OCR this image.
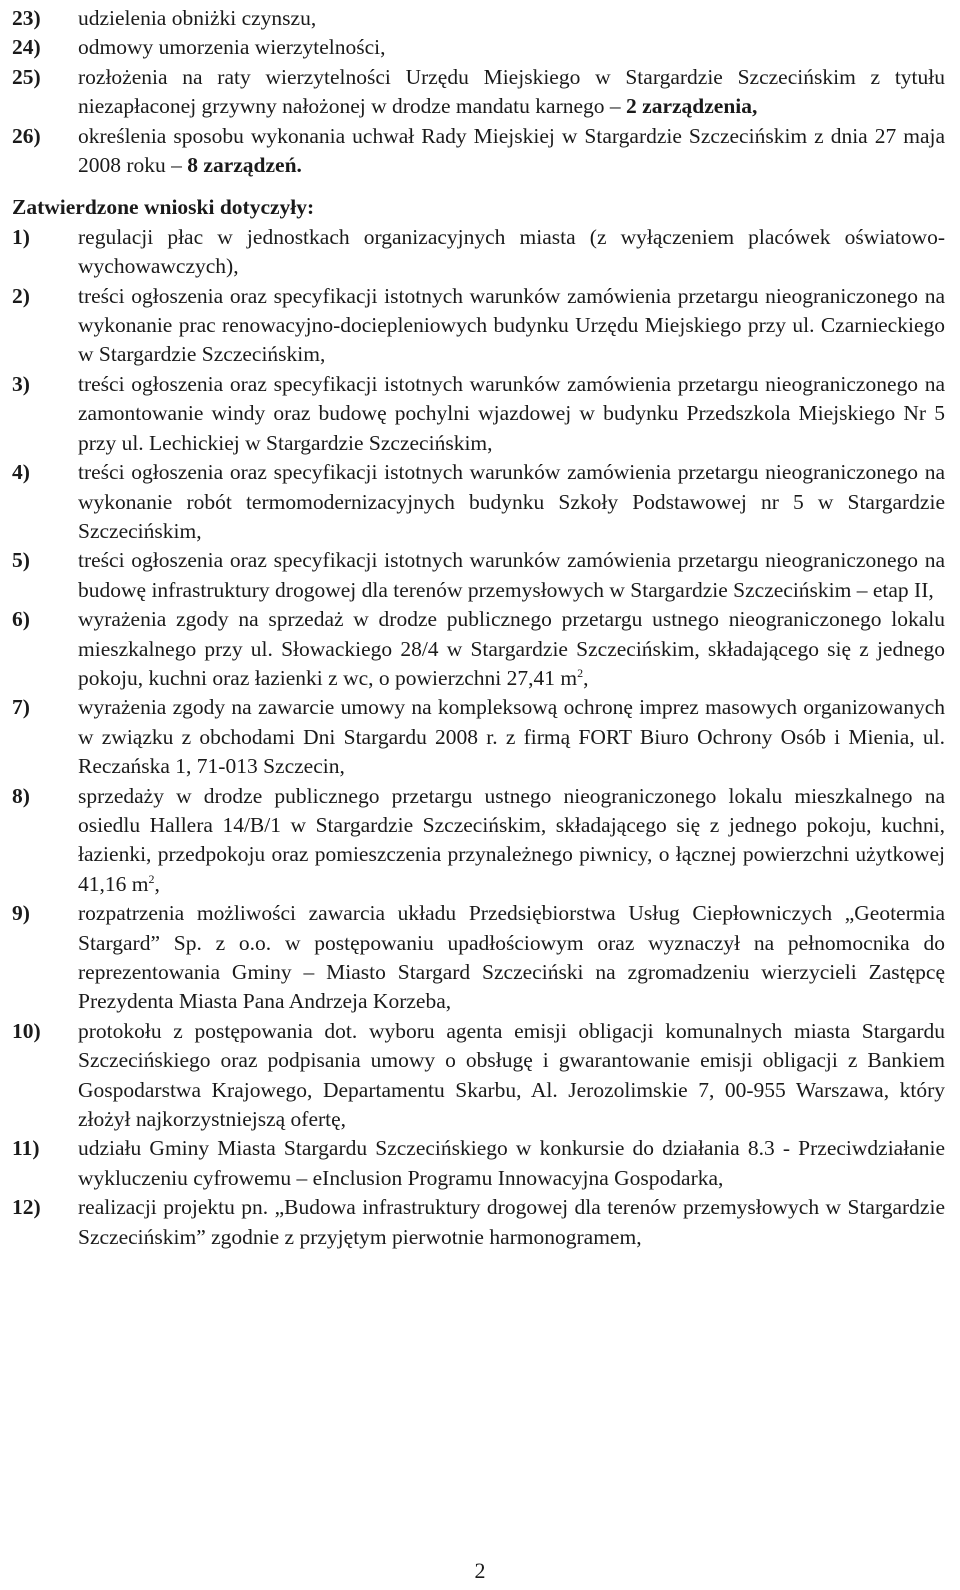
23)	udzielenia obniżki czynszu,
24)	odmowy umorzenia wierzytelności,
25)	rozłożenia na raty wierzytelności Urzędu Miejskiego w Stargardzie Szczecińskim z tytułu niezapłaconej grzywny nałożonej w drodze mandatu karnego – 2 zarządzenia,
26)	określenia sposobu wykonania uchwał Rady Miejskiej w Stargardzie Szczecińskim z dnia 27 maja 2008 roku – 8 zarządzeń.
Zatwierdzone wnioski dotyczyły:
1)	regulacji płac w jednostkach organizacyjnych miasta (z wyłączeniem placówek oświatowo-wychowawczych),
2)	treści ogłoszenia oraz specyfikacji istotnych warunków zamówienia przetargu nieograniczonego na wykonanie prac renowacyjno-dociepleniowych budynku Urzędu Miejskiego przy ul. Czarnieckiego w Stargardzie Szczecińskim,
3)	treści ogłoszenia oraz specyfikacji istotnych warunków zamówienia przetargu nieograniczonego na zamontowanie windy oraz budowę pochylni wjazdowej w budynku Przedszkola Miejskiego Nr 5 przy ul. Lechickiej w Stargardzie Szczecińskim,
4)	treści ogłoszenia oraz specyfikacji istotnych warunków zamówienia przetargu nieograniczonego na wykonanie robót termomodernizacyjnych budynku Szkoły Podstawowej nr 5 w Stargardzie Szczecińskim,
5)	treści ogłoszenia oraz specyfikacji istotnych warunków zamówienia przetargu nieograniczonego na budowę infrastruktury drogowej dla terenów przemysłowych w Stargardzie Szczecińskim – etap II,
6)	wyrażenia zgody na sprzedaż w drodze publicznego przetargu ustnego nieograniczonego lokalu mieszkalnego przy ul. Słowackiego 28/4 w Stargardzie Szczecińskim, składającego się z jednego pokoju, kuchni oraz łazienki z wc, o powierzchni 27,41 $m^2$,
7)	wyrażenia zgody na zawarcie umowy na kompleksową ochronę imprez masowych organizowanych w związku z obchodami Dni Stargardu 2008 r. z firmą FORT Biuro Ochrony Osób i Mienia, ul. Reczańska 1, 71-013 Szczecin,
8)	sprzedaży w drodze publicznego przetargu ustnego nieograniczonego lokalu mieszkalnego na osiedlu Hallera 14/B/1 w Stargardzie Szczecińskim, składającego się z jednego pokoju, kuchni, łazienki, przedpokoju oraz pomieszczenia przynależnego piwnicy, o łącznej powierzchni użytkowej 41,16 $m^2$,
9)	rozpatrzenia możliwości zawarcia układu Przedsiębiorstwa Usług Ciepłowniczych „Geotermia Stargard” Sp. z o.o. w postępowaniu upadłościowym oraz wyznaczył na pełnomocnika do reprezentowania Gminy – Miasto Stargard Szczeciński na zgromadzeniu wierzycieli Zastępcę Prezydenta Miasta Pana Andrzeja Korzeba,
10)	protokołu z postępowania dot. wyboru agenta emisji obligacji komunalnych miasta Stargardu Szczecińskiego oraz podpisania umowy o obsługę i gwarantowanie emisji obligacji z Bankiem Gospodarstwa Krajowego, Departamentu Skarbu, Al. Jerozolimskie 7, 00-955 Warszawa, który złożył najkorzystniejszą ofertę,
11)	udziału Gminy Miasta Stargardu Szczecińskiego w konkursie do działania 8.3 - Przeciwdziałanie wykluczeniu cyfrowemu – eInclusion Programu Innowacyjna Gospodarka,
12)	realizacji projektu pn. „Budowa infrastruktury drogowej dla terenów przemysłowych w Stargardzie Szczecińskim” zgodnie z przyjętym pierwotnie harmonogramem,
2
